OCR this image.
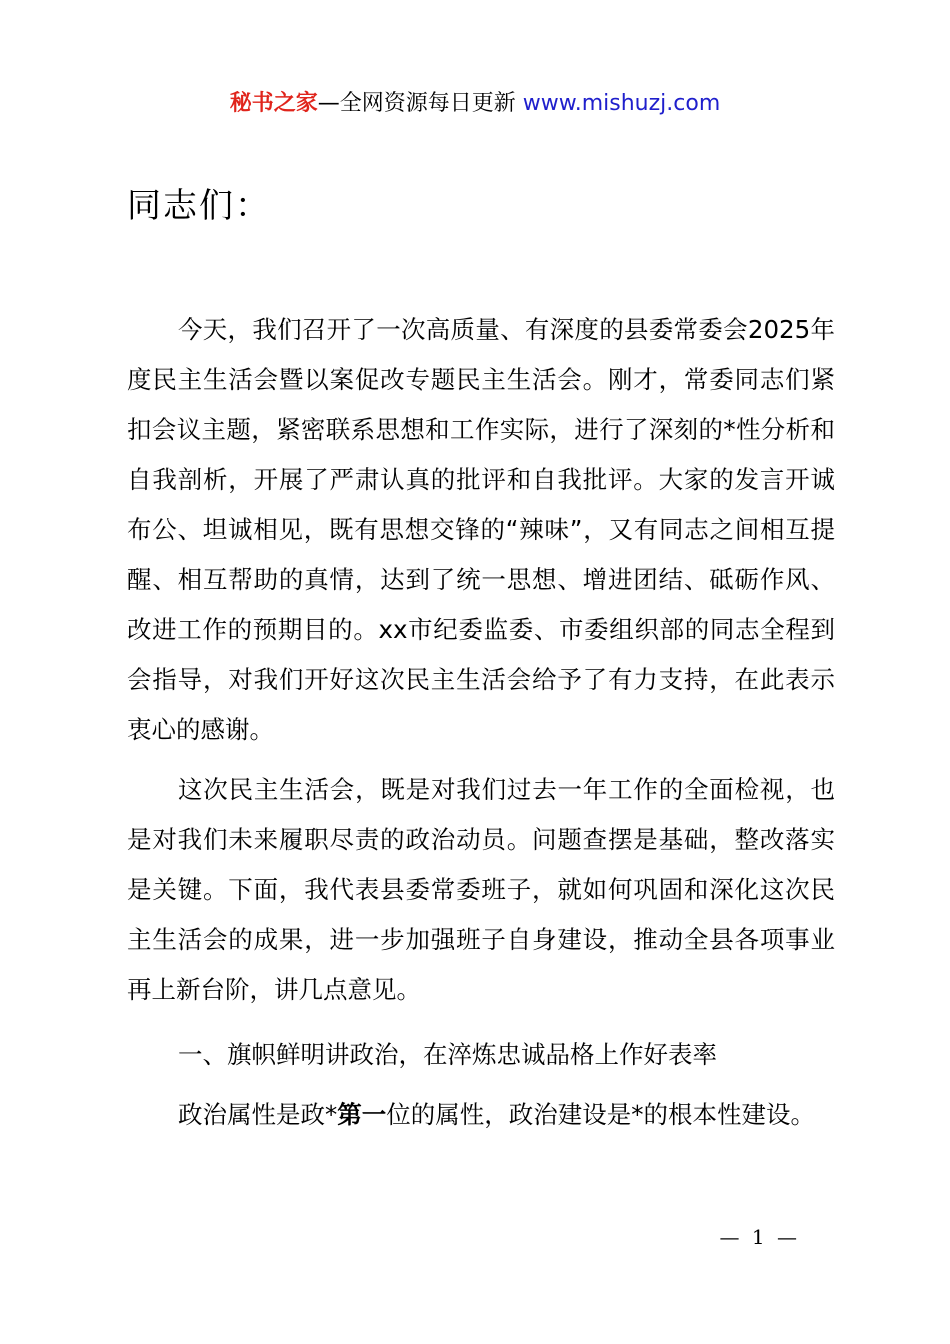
秘书之家—全网资源每日更新 www.mishuzj.com
同志们：

今天，我们召开了一次高质量、有深度的县委常委会2025年度民主生活会暨以案促改专题民主生活会。刚才，常委同志们紧扣会议主题，紧密联系思想和工作实际，进行了深刻的*性分析和自我剖析，开展了严肃认真的批评和自我批评。大家的发言开诚布公、坦诚相见，既有思想交锋的“辣味”，又有同志之间相互提醒、相互帮助的真情，达到了统一思想、增进团结、砥砺作风、改进工作的预期目的。xx市纪委监委、市委组织部的同志全程到会指导，对我们开好这次民主生活会给予了有力支持，在此表示衷心的感谢。

这次民主生活会，既是对我们过去一年工作的全面检视，也是对我们未来履职尽责的政治动员。问题查摆是基础，整改落实是关键。下面，我代表县委常委班子，就如何巩固和深化这次民主生活会的成果，进一步加强班子自身建设，推动全县各项事业再上新台阶，讲几点意见。

一、旗帜鲜明讲政治，在淬炼忠诚品格上作好表率
政治属性是政*第一位的属性，政治建设是*的根本性建设。
— 1 —
